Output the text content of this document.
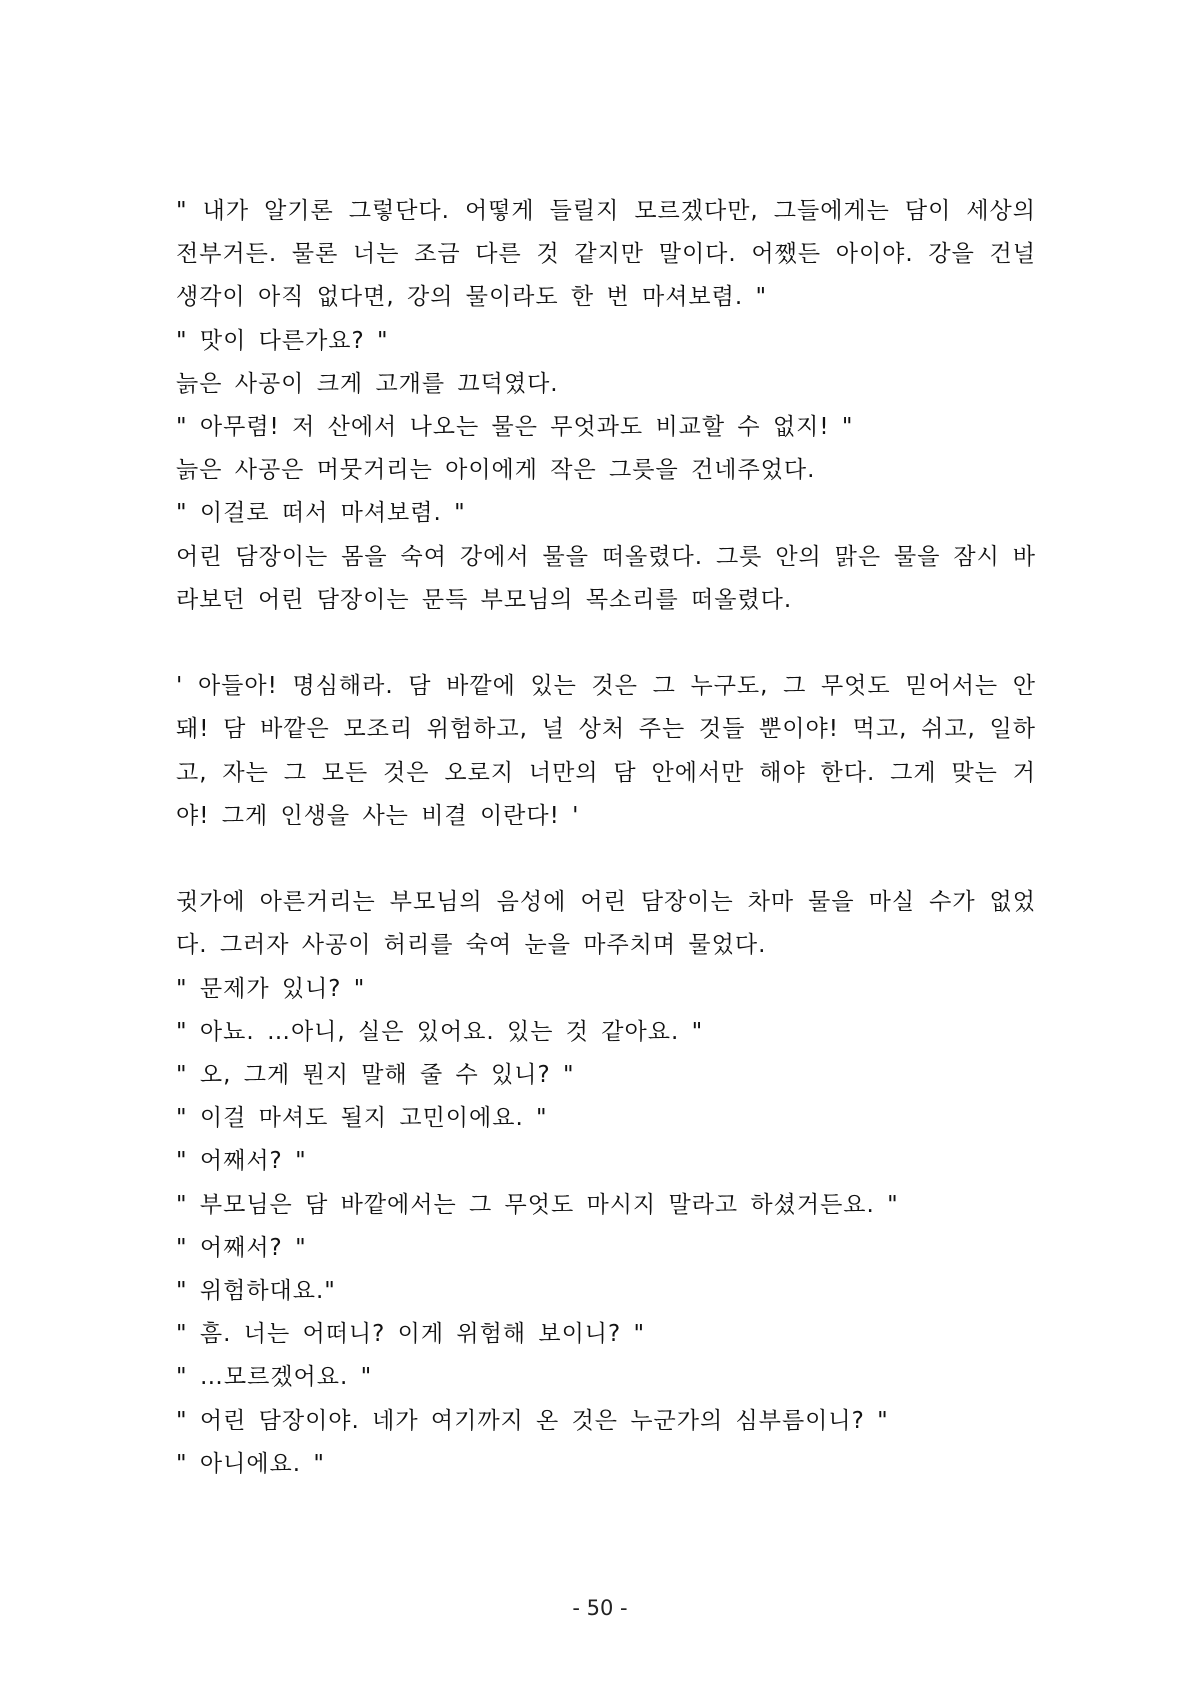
" 내가 알기론 그렇단다. 어떻게 들릴지 모르겠다만, 그들에게는 담이 세상의 전부거든. 물론 너는 조금 다른 것 같지만 말이다. 어쨌든 아이야. 강을 건널 생각이 아직 없다면, 강의 물이라도 한 번 마셔보렴. "

" 맛이 다른가요? "

늙은 사공이 크게 고개를 끄덕였다.

" 아무렴! 저 산에서 나오는 물은 무엇과도 비교할 수 없지! "

늙은 사공은 머뭇거리는 아이에게 작은 그릇을 건네주었다.

" 이걸로 떠서 마셔보렴. "

어린 담장이는 몸을 숙여 강에서 물을 떠올렸다. 그릇 안의 맑은 물을 잠시 바라보던 어린 담장이는 문득 부모님의 목소리를 떠올렸다.

' 아들아! 명심해라. 담 바깥에 있는 것은 그 누구도, 그 무엇도 믿어서는 안 돼! 담 바깥은 모조리 위험하고, 널 상처 주는 것들 뿐이야! 먹고, 쉬고, 일하고, 자는 그 모든 것은 오로지 너만의 담 안에서만 해야 한다. 그게 맞는 거야! 그게 인생을 사는 비결 이란다! '

귓가에 아른거리는 부모님의 음성에 어린 담장이는 차마 물을 마실 수가 없었다. 그러자 사공이 허리를 숙여 눈을 마주치며 물었다.

" 문제가 있니? "

" 아뇨. …아니, 실은 있어요. 있는 것 같아요. "

" 오, 그게 뭔지 말해 줄 수 있니? "

" 이걸 마셔도 될지 고민이에요. "

" 어째서? "

" 부모님은 담 바깥에서는 그 무엇도 마시지 말라고 하셨거든요. "

" 어째서? "

" 위험하대요."

" 흠. 너는 어떠니? 이게 위험해 보이니? "

" …모르겠어요. "

" 어린 담장이야. 네가 여기까지 온 것은 누군가의 심부름이니? "

" 아니에요. "

- 50 -
